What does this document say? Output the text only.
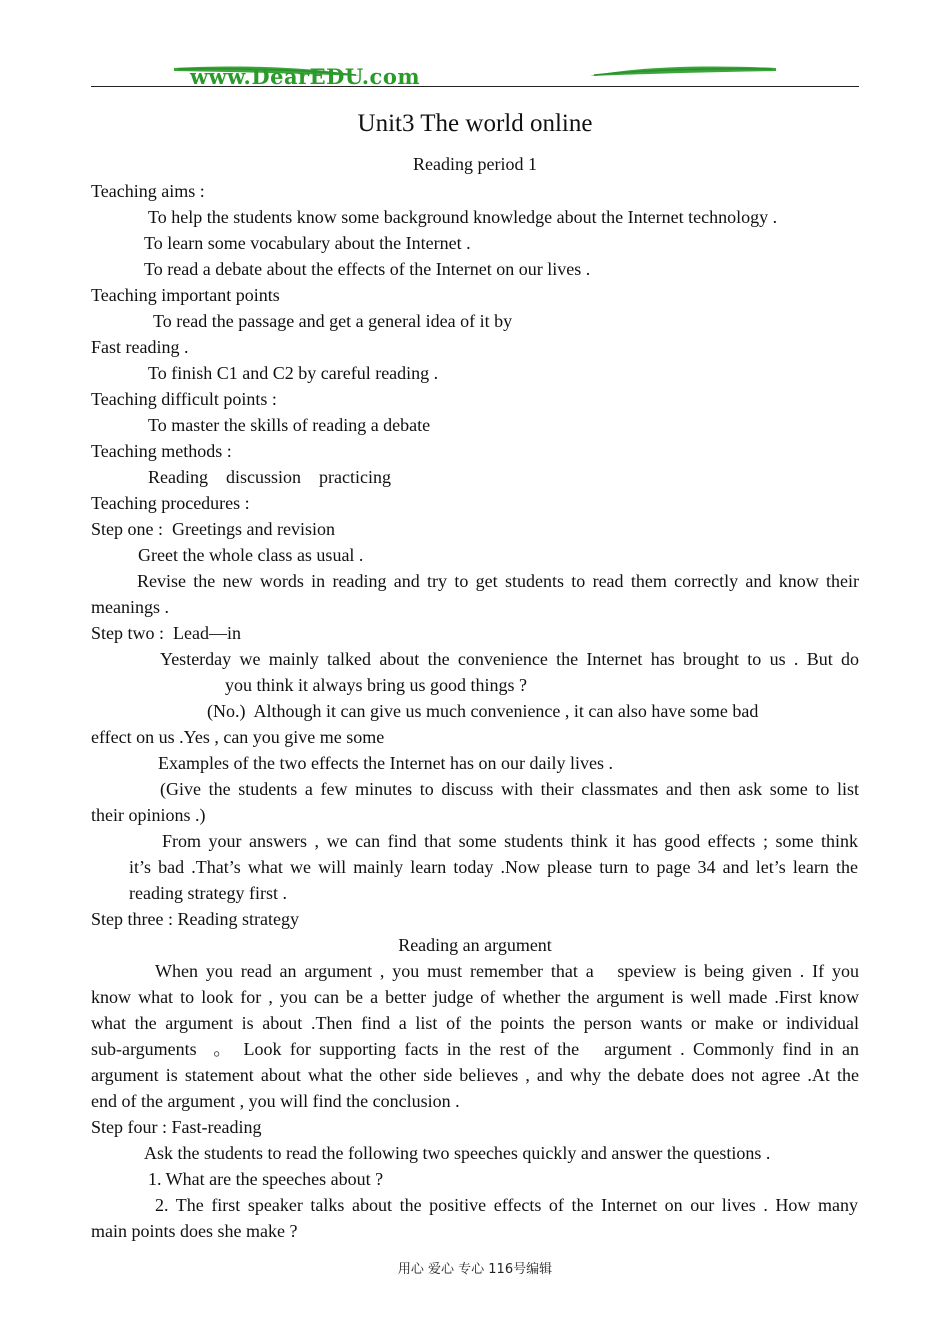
www.DearEDU.com
Unit3 The world online
Reading period 1
Teaching aims :
To help the students know some background knowledge about the Internet technology .
To learn some vocabulary about the Internet .
To read a debate about the effects of the Internet on our lives .
Teaching important points
To read the passage and get a general idea of it by
Fast reading .
To finish C1 and C2 by careful reading .
Teaching difficult points :
To master the skills of reading a debate
Teaching methods :
Reading    discussion    practicing
Teaching procedures :
Step one :  Greetings and revision
Greet the whole class as usual .
Revise the new words in reading and try to get students to read them correctly and know their
meanings .
Step two :  Lead—in
Yesterday we mainly talked about the convenience the Internet has brought to us . But do
you think it always bring us good things ?
(No.)  Although it can give us much convenience , it can also have some bad
effect on us .Yes , can you give me some
Examples of the two effects the Internet has on our daily lives .
(Give the students a few minutes to discuss with their classmates and then ask some to list
their opinions .)
From your answers , we can find that some students think it has good effects ; some think
it’s bad .That’s what we will mainly learn today .Now please turn to page 34 and let’s learn the
reading strategy first .
Step three : Reading strategy
Reading an argument
When you read an argument , you must remember that a   speview is being given . If you
know what to look for , you can be a better judge of whether the argument is well made .First know
what the argument is about .Then find a list of the points the person wants or make or individual
sub-arguments  。 Look for supporting facts in the rest of the   argument . Commonly find in an
argument is statement about what the other side believes , and why the debate does not agree .At the
end of the argument , you will find the conclusion .
Step four : Fast-reading
Ask the students to read the following two speeches quickly and answer the questions .
1. What are the speeches about ?
2. The first speaker talks about the positive effects of the Internet on our lives . How many
main points does she make ?
用心 爱心 专心 116号编辑
